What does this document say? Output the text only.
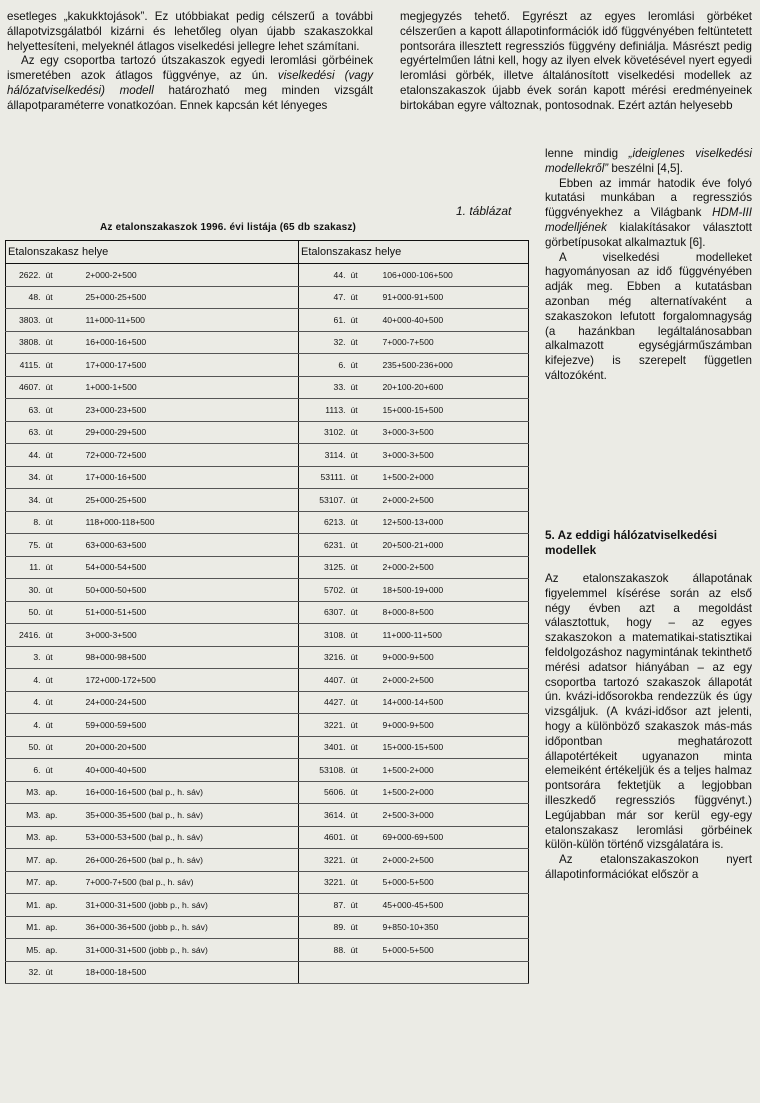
esetleges „kakukktojások”. Ez utóbbiakat pedig célszerű a további állapotvizsgálatból kizárni és lehetőleg olyan újabb szakaszokkal helyettesíteni, melyeknél átlagos viselkedési jellegre lehet számítani.
Az egy csoportba tartozó útszakaszok egyedi leromlási görbéinek ismeretében azok átlagos függvénye, az ún. viselkedési (vagy hálózatviselkedési) modell határozható meg minden vizsgált állapotparaméterre vonatkozóan. Ennek kapcsán két lényeges

megjegyzés tehető. Egyrészt az egyes leromlási görbéket célszerűen a kapott állapotinformációk idő függvényében feltüntetett pontsorára illesztett regressziós függvény definiálja. Másrészt pedig egyértelműen látni kell, hogy az ilyen elvek követésével nyert egyedi leromlási görbék, illetve általánosított viselkedési modellek az etalonszakaszok újabb évek során kapott mérési eredményeinek birtokában egyre változnak, pontosodnak. Ezért aztán helyesebb

lenne mindig „ideiglenes viselkedési modellekről” beszélni [4,5].
Ebben az immár hatodik éve folyó kutatási munkában a regressziós függvényekhez a Világbank HDM-III modelljének kialakításakor választott görbetípusokat alkalmaztuk [6].
A viselkedési modelleket hagyományosan az idő függvényében adják meg. Ebben a kutatásban azonban még alternatívaként a szakaszokon lefutott forgalomnagyság (a hazánkban legáltalánosabban alkalmazott egységjárműszámban kifejezve) is szerepelt független változóként.

5. Az eddigi hálózatviselkedési modellek

Az etalonszakaszok állapotának figyelemmel kísérése során az első négy évben azt a megoldást választottuk, hogy – az egyes szakaszokon a matematikai-statisztikai feldolgozáshoz nagymintának tekinthető mérési adatsor hiányában – az egy csoportba tartozó szakaszok állapotát ún. kvázi-idősorokba rendezzük és úgy vizsgáljuk. (A kvázi-idősor azt jelenti, hogy a különböző szakaszok más-más időpontban meghatározott állapotértékeit ugyanazon minta elemeiként értékeljük és a teljes halmaz pontsorára fektetjük a legjobban illeszkedő regressziós függvényt.) Legújabban már sor kerül egy-egy etalonszakasz leromlási görbéinek külön-külön történő vizsgálatára is.
Az etalonszakaszokon nyert állapotinformációkat először a

1. táblázat
Az etalonszakaszok 1996. évi listája (65 db szakasz)
Etalonszakasz helye			Etalonszakasz helye		
2622.	út	2+000-2+500	44.	út	106+000-106+500
48.	út	25+000-25+500	47.	út	91+000-91+500
3803.	út	11+000-11+500	61.	út	40+000-40+500
3808.	út	16+000-16+500	32.	út	7+000-7+500
4115.	út	17+000-17+500	6.	út	235+500-236+000
4607.	út	1+000-1+500	33.	út	20+100-20+600
63.	út	23+000-23+500	1113.	út	15+000-15+500
63.	út	29+000-29+500	3102.	út	3+000-3+500
44.	út	72+000-72+500	3114.	út	3+000-3+500
34.	út	17+000-16+500	53111.	út	1+500-2+000
34.	út	25+000-25+500	53107.	út	2+000-2+500
8.	út	118+000-118+500	6213.	út	12+500-13+000
75.	út	63+000-63+500	6231.	út	20+500-21+000
11.	út	54+000-54+500	3125.	út	2+000-2+500
30.	út	50+000-50+500	5702.	út	18+500-19+000
50.	út	51+000-51+500	6307.	út	8+000-8+500
2416.	út	3+000-3+500	3108.	út	11+000-11+500
3.	út	98+000-98+500	3216.	út	9+000-9+500
4.	út	172+000-172+500	4407.	út	2+000-2+500
4.	út	24+000-24+500	4427.	út	14+000-14+500
4.	út	59+000-59+500	3221.	út	9+000-9+500
50.	út	20+000-20+500	3401.	út	15+000-15+500
6.	út	40+000-40+500	53108.	út	1+500-2+000
M3.	ap.	16+000-16+500 (bal p., h. sáv)	5606.	út	1+500-2+000
M3.	ap.	35+000-35+500 (bal p., h. sáv)	3614.	út	2+500-3+000
M3.	ap.	53+000-53+500 (bal p., h. sáv)	4601.	út	69+000-69+500
M7.	ap.	26+000-26+500 (bal p., h. sáv)	3221.	út	2+000-2+500
M7.	ap.	7+000-7+500 (bal p., h. sáv)	3221.	út	5+000-5+500
M1.	ap.	31+000-31+500 (jobb p., h. sáv)	87.	út	45+000-45+500
M1.	ap.	36+000-36+500 (jobb p., h. sáv)	89.	út	9+850-10+350
M5.	ap.	31+000-31+500 (jobb p., h. sáv)	88.	út	5+000-5+500
32.	út	18+000-18+500			
